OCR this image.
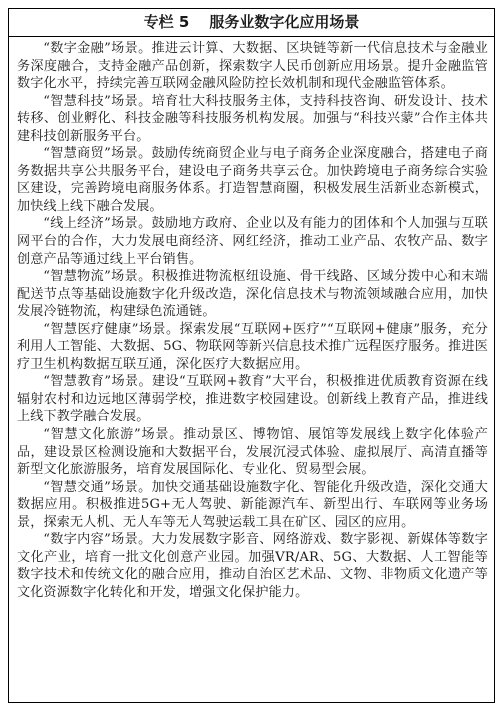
专栏 5 服务业数字化应用场景

“数字金融”场景。推进云计算、大数据、区块链等新一代信息技术与金融业务深度融合，支持金融产品创新，探索数字人民币创新应用场景。提升金融监管数字化水平，持续完善互联网金融风险防控长效机制和现代金融监管体系。

“智慧科技”场景。培育壮大科技服务主体，支持科技咨询、研发设计、技术转移、创业孵化、科技金融等科技服务机构发展。加强与“科技兴蒙”合作主体共建科技创新服务平台。

“智慧商贸”场景。鼓励传统商贸企业与电子商务企业深度融合，搭建电子商务数据共享公共服务平台，建设电子商务共享云仓。加快跨境电子商务综合实验区建设，完善跨境电商服务体系。打造智慧商圈，积极发展生活新业态新模式，加快线上线下融合发展。

“线上经济”场景。鼓励地方政府、企业以及有能力的团体和个人加强与互联网平台的合作，大力发展电商经济、网红经济，推动工业产品、农牧产品、数字创意产品等通过线上平台销售。

“智慧物流”场景。积极推进物流枢纽设施、骨干线路、区域分拨中心和末端配送节点等基础设施数字化升级改造，深化信息技术与物流领域融合应用，加快发展冷链物流，构建绿色流通链。

“智慧医疗健康”场景。探索发展“互联网+医疗”“互联网+健康”服务，充分利用人工智能、大数据、5G、物联网等新兴信息技术推广远程医疗服务。推进医疗卫生机构数据互联互通，深化医疗大数据应用。

“智慧教育”场景。建设“互联网+教育”大平台，积极推进优质教育资源在线辐射农村和边远地区薄弱学校，推进数字校园建设。创新线上教育产品，推进线上线下教学融合发展。

“智慧文化旅游”场景。推动景区、博物馆、展馆等发展线上数字化体验产品，建设景区检测设施和大数据平台，发展沉浸式体验、虚拟展厅、高清直播等新型文化旅游服务，培育发展国际化、专业化、贸易型会展。

“智慧交通”场景。加快交通基础设施数字化、智能化升级改造，深化交通大数据应用。积极推进5G+无人驾驶、新能源汽车、新型出行、车联网等业务场景，探索无人机、无人车等无人驾驶运载工具在矿区、园区的应用。

“数字内容”场景。大力发展数字影音、网络游戏、数字影视、新媒体等数字文化产业，培育一批文化创意产业园。加强VR/AR、5G、大数据、人工智能等数字技术和传统文化的融合应用，推动自治区艺术品、文物、非物质文化遗产等文化资源数字化转化和开发，增强文化保护能力。
